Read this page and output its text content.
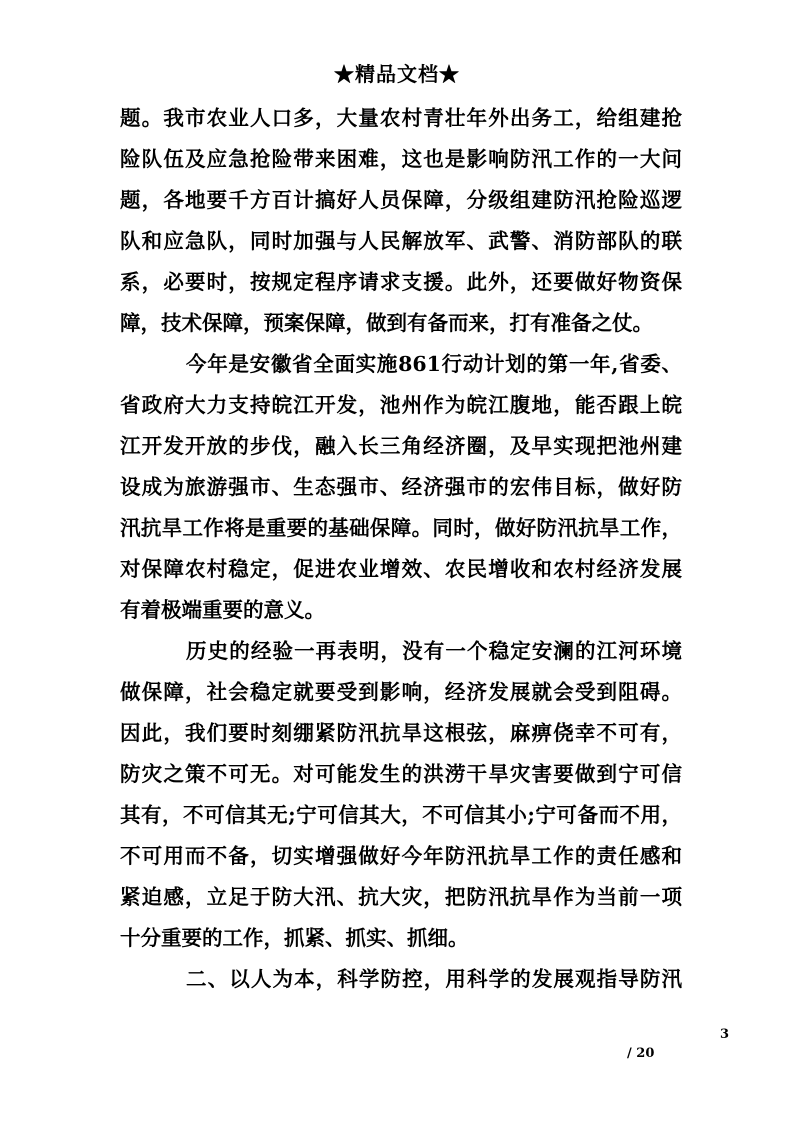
★精品文档★
题。我市农业人口多，大量农村青壮年外出务工，给组建抢
险队伍及应急抢险带来困难，这也是影响防汛工作的一大问
题，各地要千方百计搞好人员保障，分级组建防汛抢险巡逻
队和应急队，同时加强与人民解放军、武警、消防部队的联
系，必要时，按规定程序请求支援。此外，还要做好物资保
障，技术保障，预案保障，做到有备而来，打有准备之仗。
今年是安徽省全面实施861行动计划的第一年,省委、
省政府大力支持皖江开发，池州作为皖江腹地，能否跟上皖
江开发开放的步伐，融入长三角经济圈，及早实现把池州建
设成为旅游强市、生态强市、经济强市的宏伟目标，做好防
汛抗旱工作将是重要的基础保障。同时，做好防汛抗旱工作，
对保障农村稳定，促进农业增效、农民增收和农村经济发展
有着极端重要的意义。
历史的经验一再表明，没有一个稳定安澜的江河环境
做保障，社会稳定就要受到影响，经济发展就会受到阻碍。
因此，我们要时刻绷紧防汛抗旱这根弦，麻痹侥幸不可有，
防灾之策不可无。对可能发生的洪涝干旱灾害要做到宁可信
其有，不可信其无;宁可信其大，不可信其小;宁可备而不用，
不可用而不备，切实增强做好今年防汛抗旱工作的责任感和
紧迫感，立足于防大汛、抗大灾，把防汛抗旱作为当前一项
十分重要的工作，抓紧、抓实、抓细。
二、以人为本，科学防控，用科学的发展观指导防汛
3
/ 20
